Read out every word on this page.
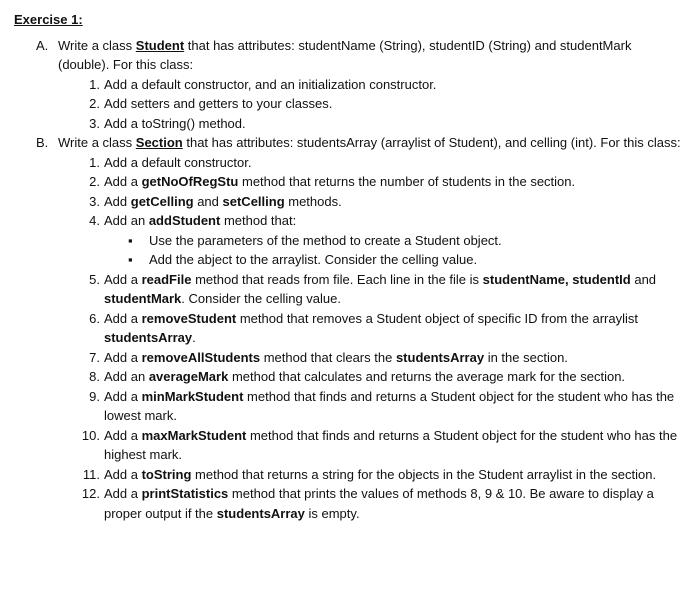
Exercise 1:
A. Write a class Student that has attributes: studentName (String), studentID (String) and studentMark (double). For this class:
1. Add a default constructor, and an initialization constructor.
2. Add setters and getters to your classes.
3. Add a toString() method.
B. Write a class Section that has attributes: studentsArray (arraylist of Student), and celling (int). For this class:
1. Add a default constructor.
2. Add a getNoOfRegStu method that returns the number of students in the section.
3. Add getCelling and setCelling methods.
4. Add an addStudent method that:
▪ Use the parameters of the method to create a Student object.
▪ Add the abject to the arraylist. Consider the celling value.
5. Add a readFile method that reads from file. Each line in the file is studentName, studentId and studentMark. Consider the celling value.
6. Add a removeStudent method that removes a Student object of specific ID from the arraylist studentsArray.
7. Add a removeAllStudents method that clears the studentsArray in the section.
8. Add an averageMark method that calculates and returns the average mark for the section.
9. Add a minMarkStudent method that finds and returns a Student object for the student who has the lowest mark.
10. Add a maxMarkStudent method that finds and returns a Student object for the student who has the highest mark.
11. Add a toString method that returns a string for the objects in the Student arraylist in the section.
12. Add a printStatistics method that prints the values of methods 8, 9 & 10. Be aware to display a proper output if the studentsArray is empty.
